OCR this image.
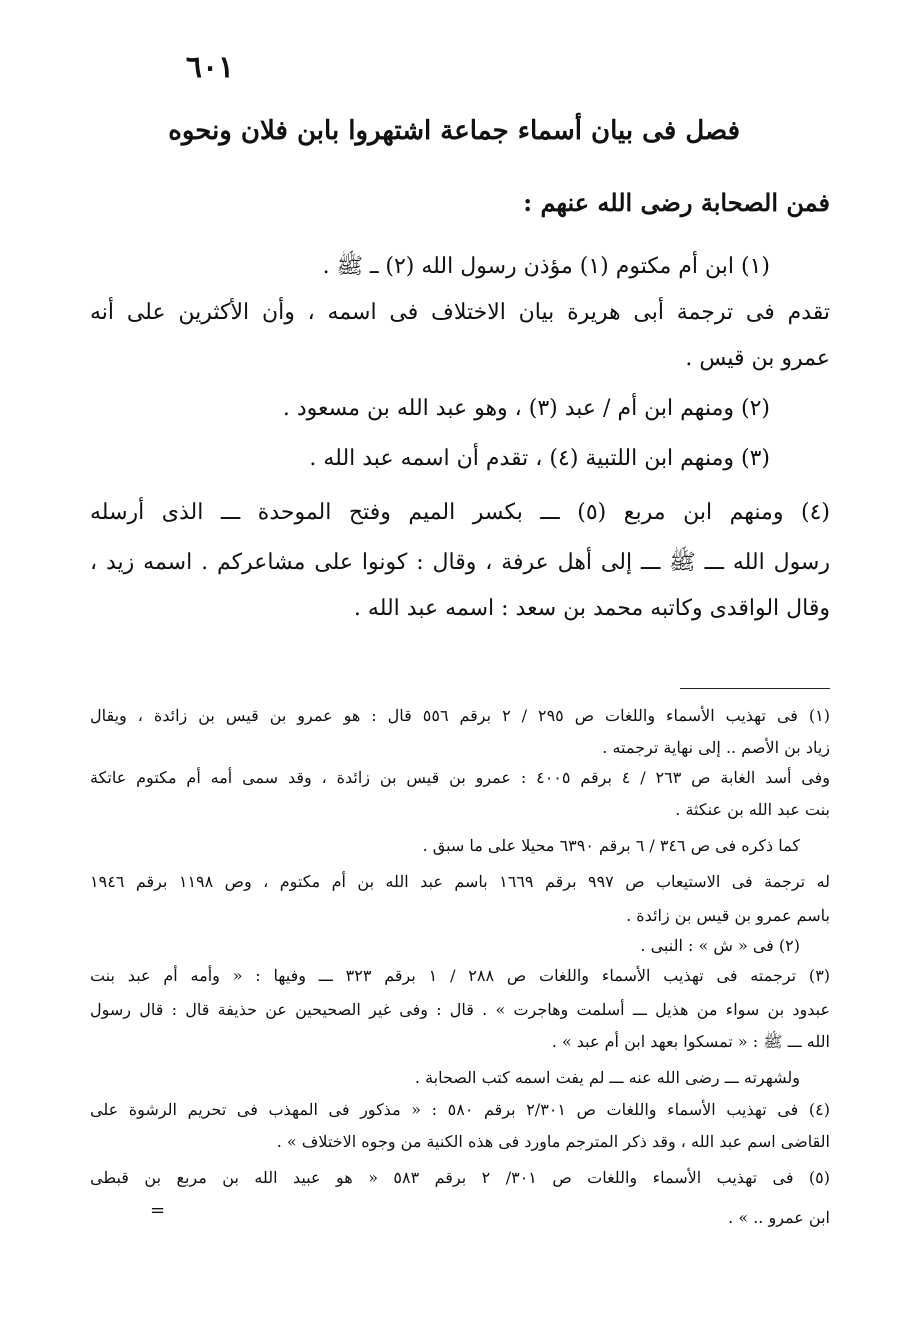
٦٠١
فصل فى بيان أسماء جماعة اشتهروا بابن فلان ونحوه
فمن الصحابة رضى الله عنهم :
(١) ابن أم مكتوم (١) مؤذن رسول الله (٢) ـــ ﷺ .
تقدم فى ترجمة أبى هريرة بيان الاختلاف فى اسمه ، وأن الأكثرين على أنه
عمرو بن قيس .
(٢) ومنهم ابن أم / عبد (٣) ، وهو عبد الله بن مسعود .
(٣) ومنهم ابن اللتبية (٤) ، تقدم أن اسمه عبد الله .
(٤) ومنهم ابن مربع (٥) ـــ بكسر الميم وفتح الموحدة ـــ الذى أرسله
رسول الله ـــ ﷺ ـــ إلى أهل عرفة ، وقال : كونوا على مشاعركم . اسمه زيد ،
وقال الواقدى وكاتبه محمد بن سعد : اسمه عبد الله .
(١) فى تهذيب الأسماء واللغات ص ٢٩٥ / ٢ برقم ٥٥٦ قال : هو عمرو بن قيس بن زائدة ، ويقال
زياد بن الأصم .. إلى نهاية ترجمته .
وفى أسد الغابة ص ٢٦٣ / ٤ برقم ٤٠٠٥ : عمرو بن قيس بن زائدة ، وقد سمى أمه أم مكتوم عاتكة
بنت عبد الله بن عنكثة .
كما ذكره فى ص ٣٤٦ / ٦ برقم ٦٣٩٠ محيلا على ما سبق .
له ترجمة فى الاستيعاب ص ٩٩٧ برقم ١٦٦٩ باسم عبد الله بن أم مكتوم ، وص ١١٩٨ برقم ١٩٤٦
باسم عمرو بن قيس بن زائدة .
(٢) فى « ش » : النبى .
(٣) ترجمته فى تهذيب الأسماء واللغات ص ٢٨٨ / ١ برقم ٣٢٣ ـــ وفيها : « وأمه أم عبد بنت
عبدود بن سواء من هذيل ـــ أسلمت وهاجرت » . قال : وفى غير الصحيحين عن حذيفة قال : قال رسول
الله ـــ ﷺ : « تمسكوا بعهد ابن أم عبد » .
ولشهرته ـــ رضى الله عنه ـــ لم يفت اسمه كتب الصحابة .
(٤) فى تهذيب الأسماء واللغات ص ٢/٣٠١ برقم ٥٨٠ : « مذكور فى المهذب فى تحريم الرشوة على
القاضى اسم عبد الله ، وقد ذكر المترجم ماورد فى هذه الكنية من وجوه الاختلاف » .
(٥) فى تهذيب الأسماء واللغات ص ٣٠١/ ٢ برقم ٥٨٣ « هو عبيد الله بن مربع بن قبطى
ابن عمرو .. » .
=
